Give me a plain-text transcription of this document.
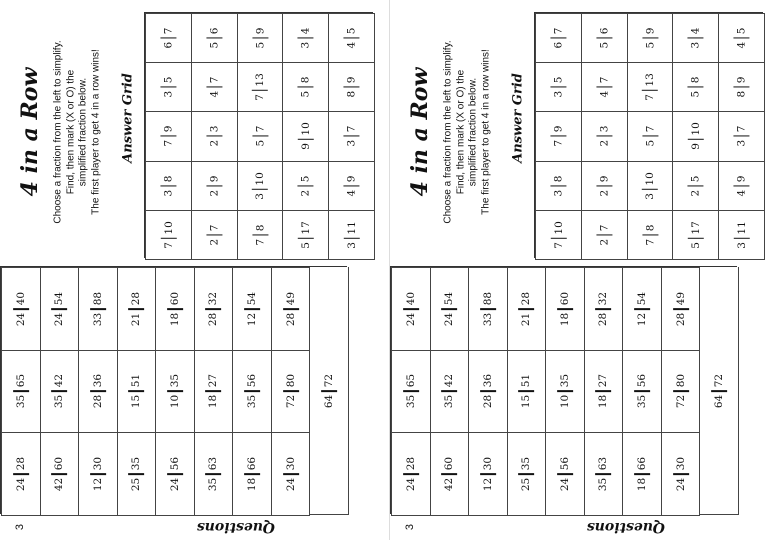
4 in a Row Choose a fraction from the left to simplify. Find, then mark (X or O) the simplified fraction below. The first player to get 4 in a row wins! Answer Grid
6
7
5
6
5
9
3
4
4
5
3
5
4
7
7
13
5
8
8
9
7
9
2
3
5
7
9
10
3
7
3
8
2
9
3
10
2
5
4
9
7
10
2
7
7
8
5
17
3
11
24
40
35
65
24
28
24
54
35
42
42
60
33
88
28
36
12
30
21
28
15
51
25
35
18
60
10
35
24
56
28
32
18
27
35
63
12
54
35
56
18
66
28
49
72
80
24
30
64
72
Questions
3
4 in a Row Choose a fraction from the left to simplify. Find, then mark (X or O) the simplified fraction below. The first player to get 4 in a row wins! Answer Grid
6
7
5
6
5
9
3
4
4
5
3
5
4
7
7
13
5
8
8
9
7
9
2
3
5
7
9
10
3
7
3
8
2
9
3
10
2
5
4
9
7
10
2
7
7
8
5
17
3
11
24
40
35
65
24
28
24
54
35
42
42
60
33
88
28
36
12
30
21
28
15
51
25
35
18
60
10
35
24
56
28
32
18
27
35
63
12
54
35
56
18
66
28
49
72
80
24
30
64
72
Questions
3
